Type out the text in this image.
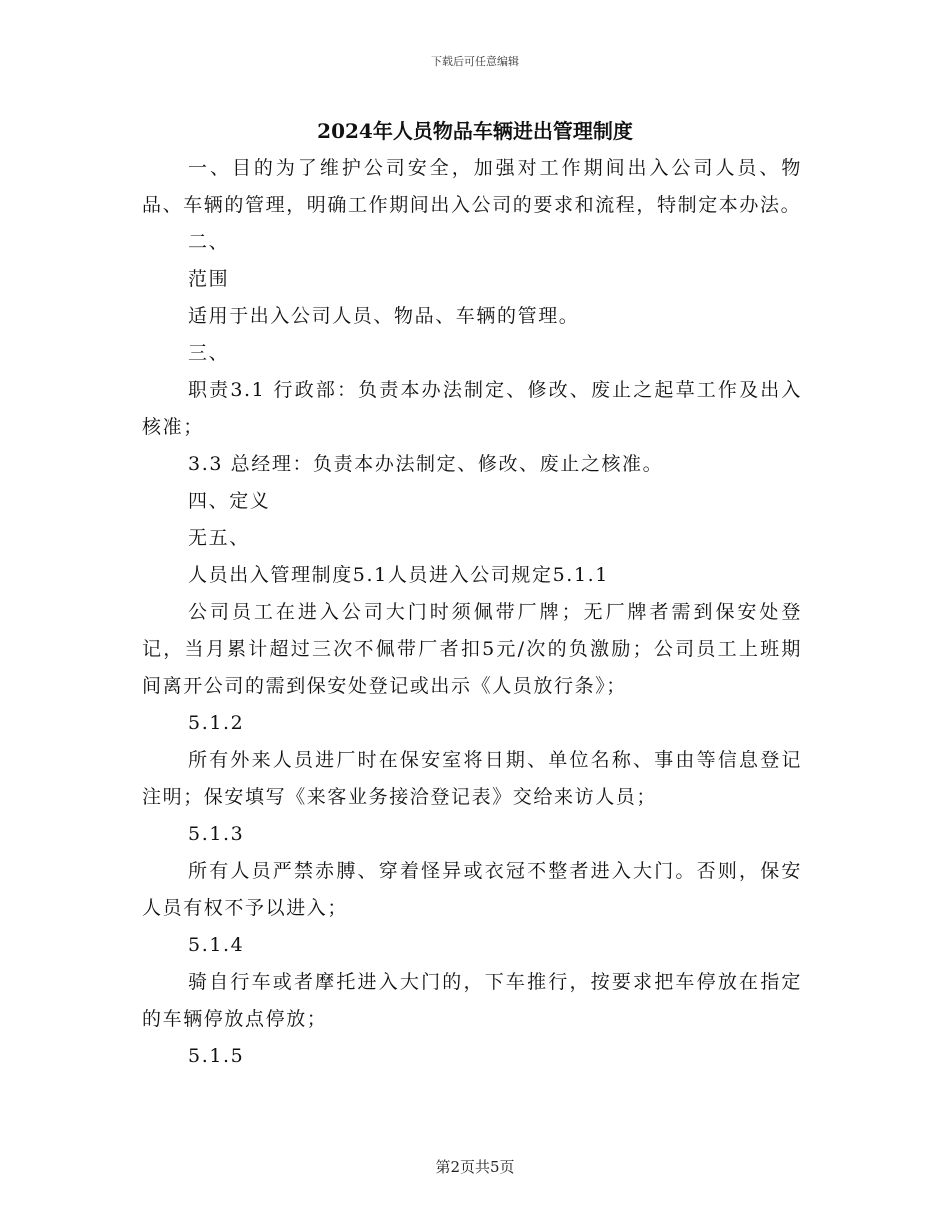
下载后可任意编辑
2024年人员物品车辆进出管理制度

一、目的为了维护公司安全，加强对工作期间出入公司人员、物品、车辆的管理，明确工作期间出入公司的要求和流程，特制定本办法。

二、

范围

适用于出入公司人员、物品、车辆的管理。

三、

职责3.1 行政部：负责本办法制定、修改、废止之起草工作及出入核准；

3.3 总经理：负责本办法制定、修改、废止之核准。

四、定义

无五、

人员出入管理制度5.1人员进入公司规定5.1.1

公司员工在进入公司大门时须佩带厂牌；无厂牌者需到保安处登记，当月累计超过三次不佩带厂者扣5元/次的负激励；公司员工上班期间离开公司的需到保安处登记或出示《人员放行条》；

5.1.2

所有外来人员进厂时在保安室将日期、单位名称、事由等信息登记注明；保安填写《来客业务接洽登记表》交给来访人员；

5.1.3

所有人员严禁赤膊、穿着怪异或衣冠不整者进入大门。否则，保安人员有权不予以进入；

5.1.4

骑自行车或者摩托进入大门的，下车推行，按要求把车停放在指定的车辆停放点停放；

5.1.5

第2页共5页
